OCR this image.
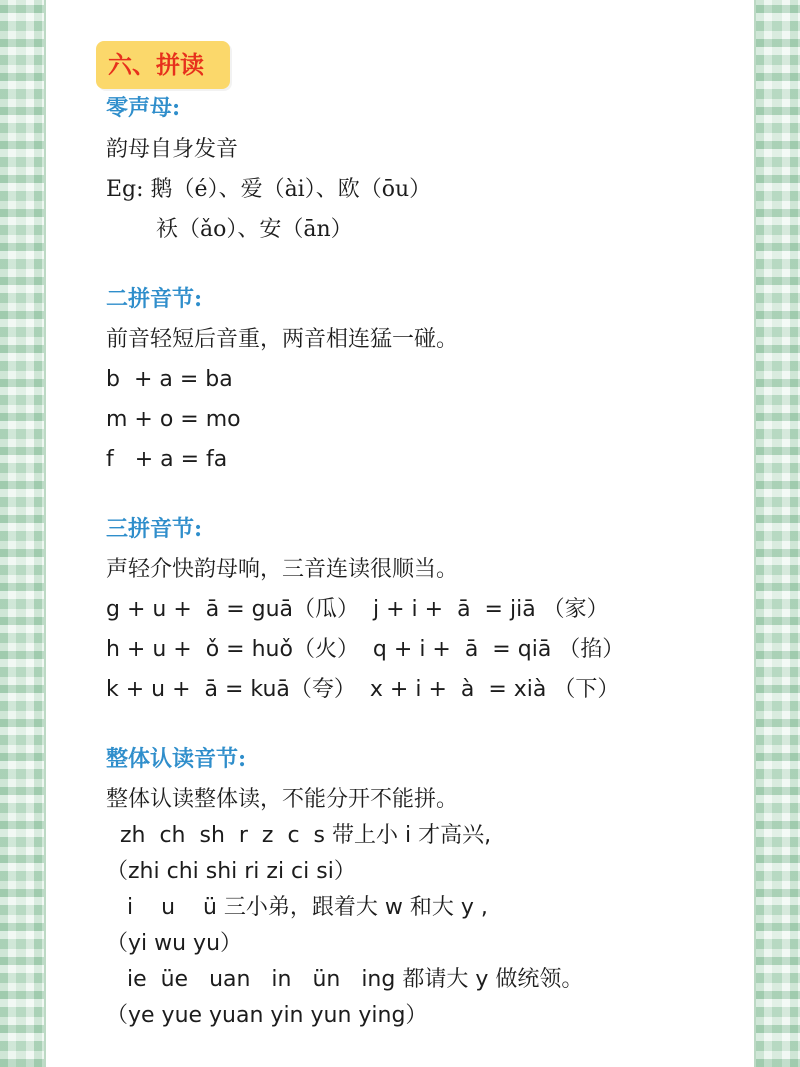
六、拼读
零声母:
韵母自身发音
Eg: 鹅（é）、爱（ài）、欧（ōu）
袄（ǎo）、安（ān）
二拼音节:
前音轻短后音重，两音相连猛一碰。
b  + a = ba
m + o = mo
f   + a = fa
三拼音节:
声轻介快韵母响，三音连读很顺当。
g + u +  ā = guā（瓜）  j + i +  ā  = jiā （家）
h + u +  ǒ = huǒ（火）  q + i +  ā  = qiā （掐）
k + u +  ā = kuā（夸）  x + i +  à  = xià （下）
整体认读音节:
整体认读整体读，不能分开不能拼。
zh  ch  sh  r  z  c  s 带上小 i 才高兴,
（zhi chi shi ri zi ci si）
i    u    ü 三小弟，跟着大 w 和大 y ,
（yi wu yu）
ie  üe   uan   in   ün   ing 都请大 y 做统领。
（ye yue yuan yin yun ying）
